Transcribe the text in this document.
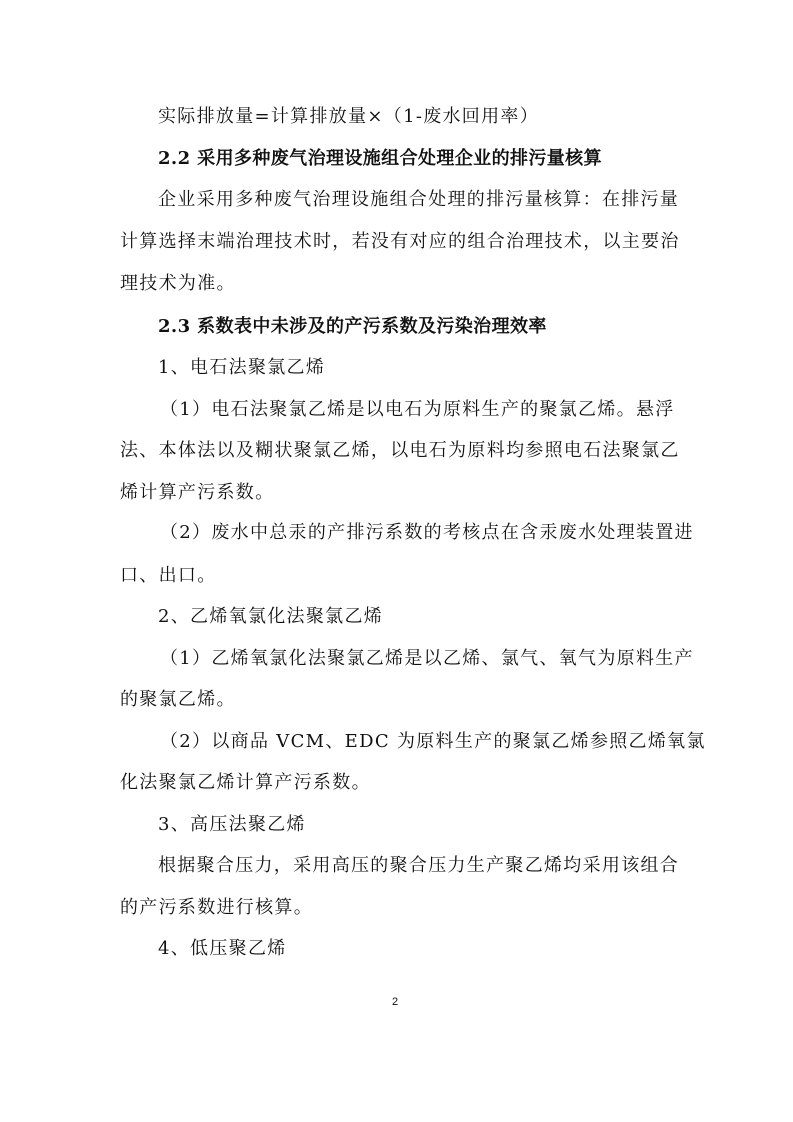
实际排放量=计算排放量×（1-废水回用率）
2.2 采用多种废气治理设施组合处理企业的排污量核算
企业采用多种废气治理设施组合处理的排污量核算：在排污量
计算选择末端治理技术时，若没有对应的组合治理技术，以主要治
理技术为准。
2.3 系数表中未涉及的产污系数及污染治理效率
1、电石法聚氯乙烯
（1）电石法聚氯乙烯是以电石为原料生产的聚氯乙烯。悬浮
法、本体法以及糊状聚氯乙烯，以电石为原料均参照电石法聚氯乙
烯计算产污系数。
（2）废水中总汞的产排污系数的考核点在含汞废水处理装置进
口、出口。
2、乙烯氧氯化法聚氯乙烯
（1）乙烯氧氯化法聚氯乙烯是以乙烯、氯气、氧气为原料生产
的聚氯乙烯。
（2）以商品 VCM、EDC 为原料生产的聚氯乙烯参照乙烯氧氯
化法聚氯乙烯计算产污系数。
3、高压法聚乙烯
根据聚合压力，采用高压的聚合压力生产聚乙烯均采用该组合
的产污系数进行核算。
4、低压聚乙烯
2
